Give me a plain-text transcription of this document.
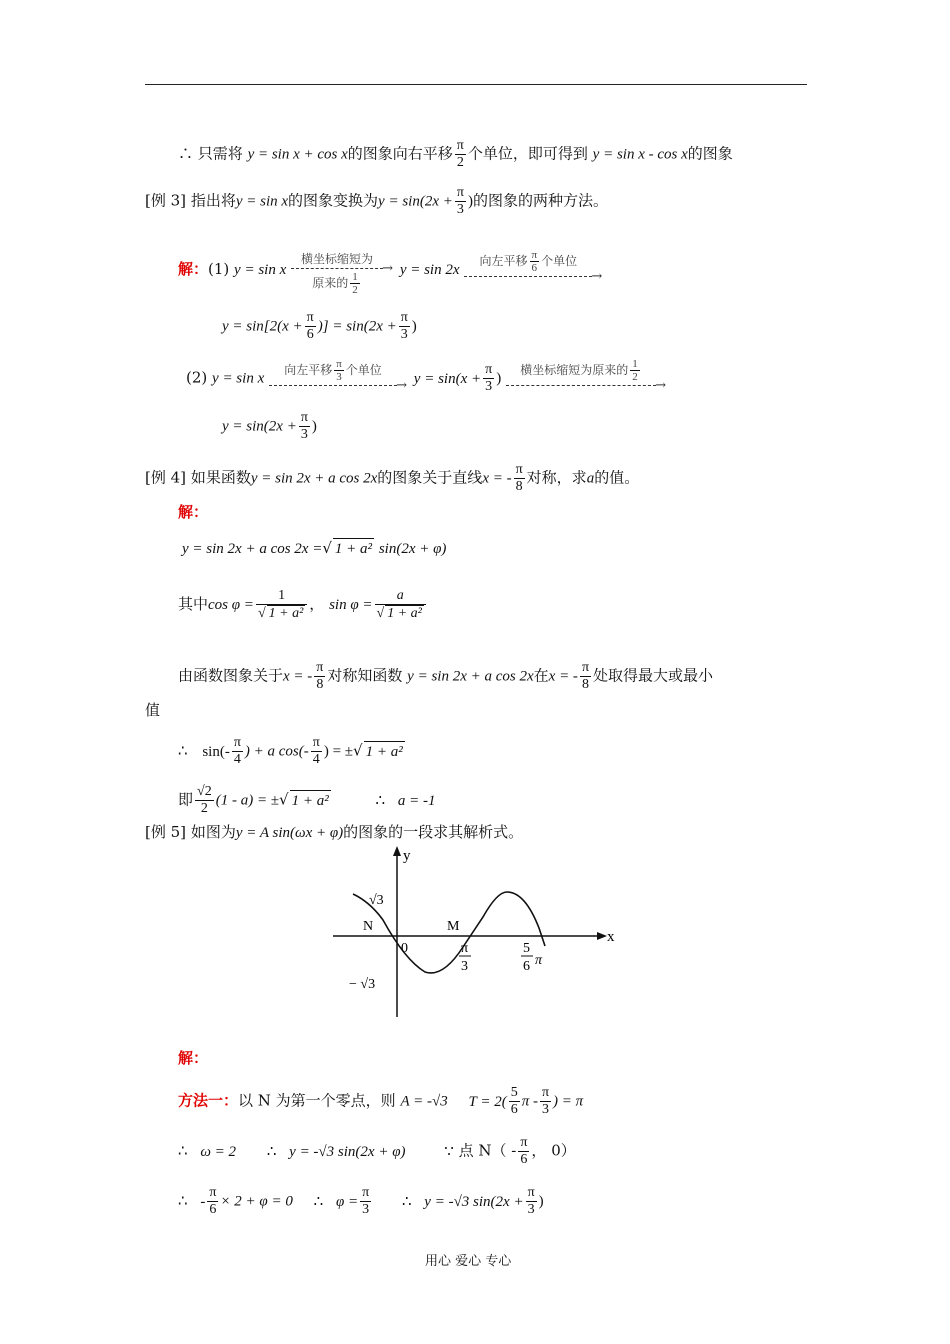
∴ 只需将 y = sin x + cos x的图象向右平移 $\frac{\pi}{2}$ 个单位，即可得到 y = sin x - cos x的图象
[例 3] 指出将y = sin x的图象变换为$y = \sin(2x + \frac{\pi}{3}$ )的图象的两种方法。
解：(1) y = sin x
横坐标缩短为
→
原来的 $\frac{1}{2}$
y = sin 2x
向左平移 $\frac{\pi}{6}$ 个单位
→
$y = \sin[2(x + \frac{\pi}{6}$ )] = $\sin(2x + \frac{\pi}{3}$ )
(2) y = sin x
向左平移 $\frac{\pi}{3}$ 个单位
→
$y = \sin(x + \frac{\pi}{3}$ )
横坐标缩短为原来的 $\frac{1}{2}$
→
$y = \sin(2x + \frac{\pi}{3}$ )
[例 4] 如果函数y = sin 2x + a cos 2x的图象关于直线x = - $\frac{\pi}{8}$ 对称，求a的值。
解：
y = sin 2x + a cos 2x =√ 1 + a² sin(2x + φ)
其中$\cos \varphi = \frac{1}{\text{√ 1 + a²}}$ ， $\sin \varphi = \frac{a}{\text{√ 1 + a²}}$
由函数图象关于x = - $\frac{\pi}{8}$ 对称知函数 y = sin 2x + a cos 2x在x = - $\frac{\pi}{8}$ 处取得最大或最小
值
∴ $\sin(- \frac{\pi}{4}$ ) + a $\cos(- \frac{\pi}{4}$ ) = ±√ 1 + a²
即 $\frac{√2}{2} (1 - a)$ = ±√ 1 + a²	∴ a = -1
[例 5] 如图为y = A sin(ωx + φ)的图象的一段求其解析式。
y
x
N	M
0
√3
− √3
π
3
5
6 π
解：
方法一：以 N 为第一个零点，则 A = -√3 $T = 2( \frac{5}{6}$ π - $\frac{\pi}{3}$ ) = π
∴ ω = 2 ∴ y = -√3 sin(2x + φ)	∵ 点 $N( - \frac{\pi}{6}$ ， 0）
∴ - $\frac{\pi}{6} \times 2 + \varphi = 0$ ∴ $\varphi = \frac{\pi}{3}$ ∴ y = -√3 $\sin(2x + \frac{\pi}{3}$ )
用心 爱心 专心
